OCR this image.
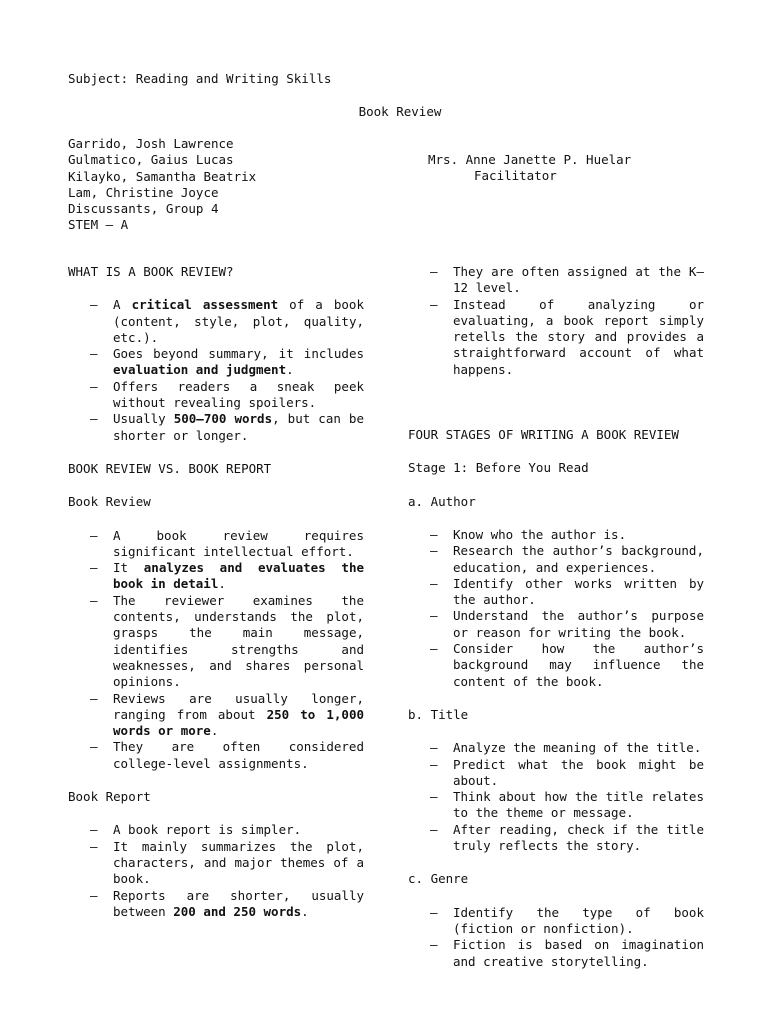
Subject: Reading and Writing Skills
Book Review
Garrido, Josh Lawrence
Gulmatico, Gaius Lucas
Kilayko, Samantha Beatrix
Lam, Christine Joyce
Discussants, Group 4
STEM – A
Mrs. Anne Janette P. Huelar
Facilitator

WHAT IS A BOOK REVIEW?

– A critical assessment of a book (content, style, plot, quality, etc.).
– Goes beyond summary, it includes evaluation and judgment.
– Offers readers a sneak peek without revealing spoilers.
– Usually 500–700 words, but can be shorter or longer.

BOOK REVIEW VS. BOOK REPORT

Book Review

– A book review requires significant intellectual effort.
– It analyzes and evaluates the book in detail.
– The reviewer examines the contents, understands the plot, grasps the main message, identifies strengths and weaknesses, and shares personal opinions.
– Reviews are usually longer, ranging from about 250 to 1,000 words or more.
– They are often considered college-level assignments.

Book Report

– A book report is simpler.
– It mainly summarizes the plot, characters, and major themes of a book.
– Reports are shorter, usually between 200 and 250 words.
– They are often assigned at the K–12 level.
– Instead of analyzing or evaluating, a book report simply retells the story and provides a straightforward account of what happens.

FOUR STAGES OF WRITING A BOOK REVIEW

Stage 1: Before You Read

a. Author

– Know who the author is.
– Research the author’s background, education, and experiences.
– Identify other works written by the author.
– Understand the author’s purpose or reason for writing the book.
– Consider how the author’s background may influence the content of the book.

b. Title

– Analyze the meaning of the title.
– Predict what the book might be about.
– Think about how the title relates to the theme or message.
– After reading, check if the title truly reflects the story.

c. Genre

– Identify the type of book (fiction or nonfiction).
– Fiction is based on imagination and creative storytelling.
